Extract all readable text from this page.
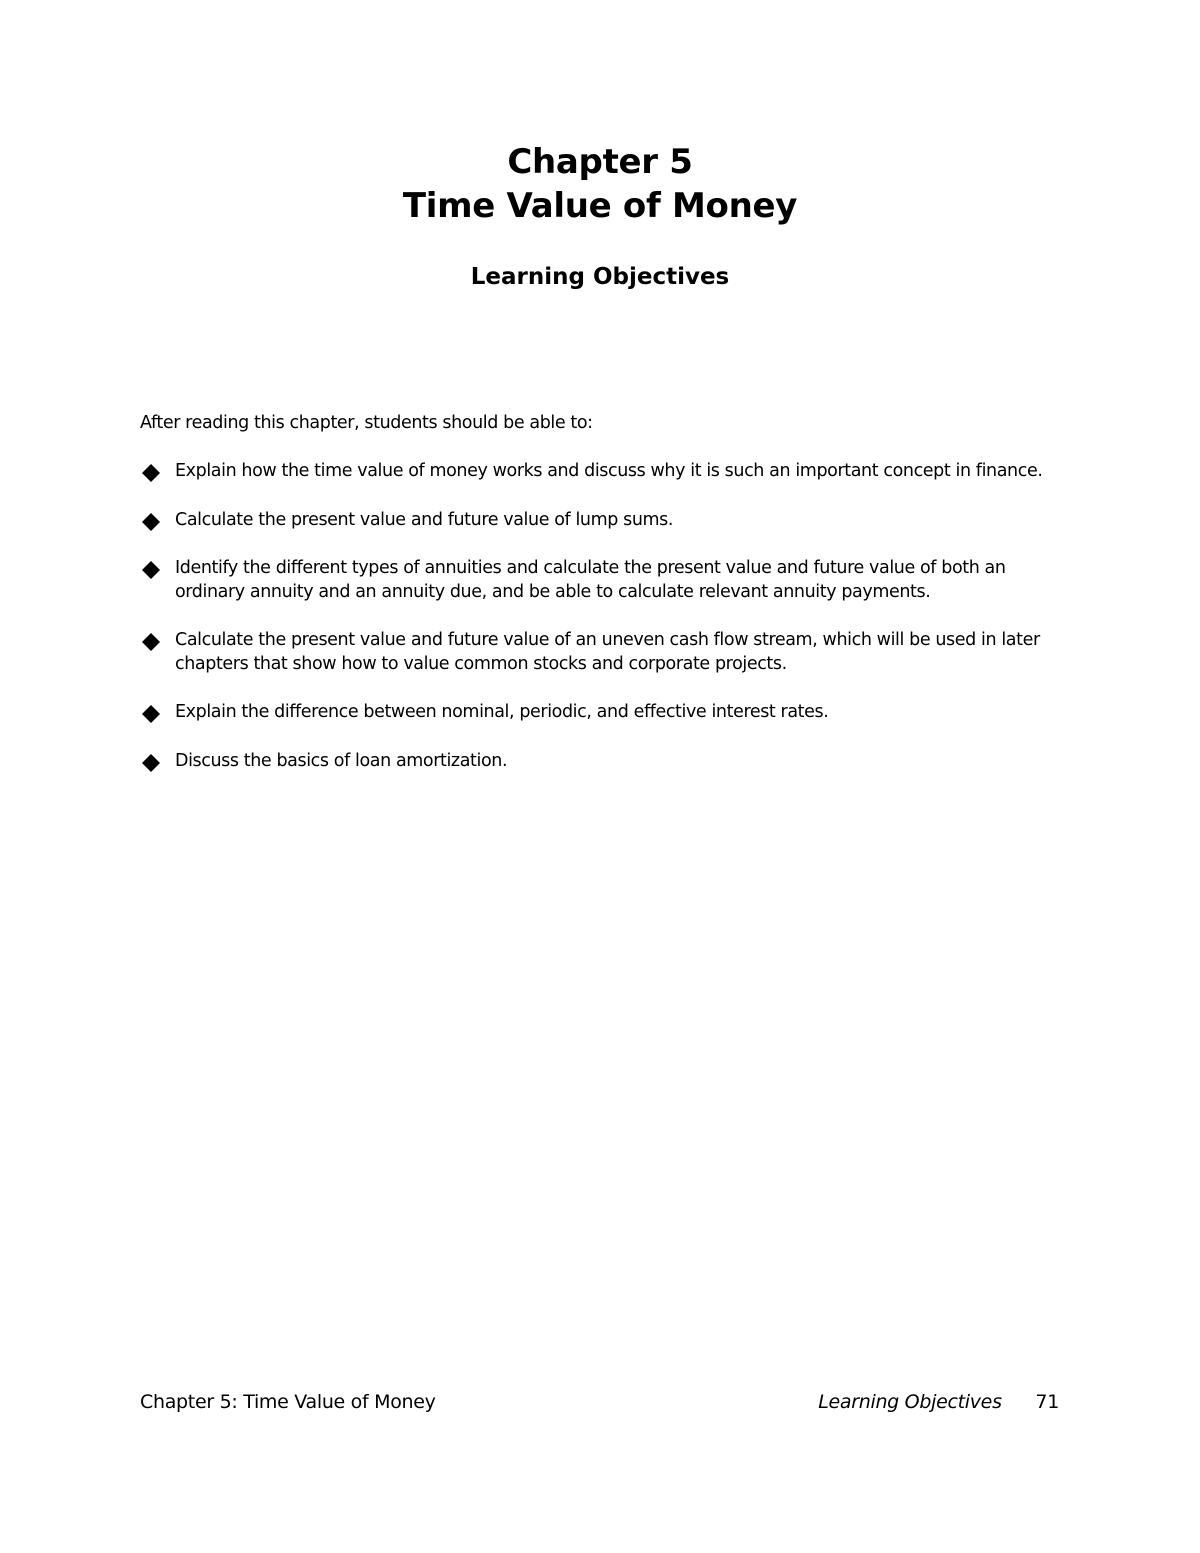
Chapter 5
Time Value of Money
Learning Objectives
After reading this chapter, students should be able to:
Explain how the time value of money works and discuss why it is such an important concept in finance.
Calculate the present value and future value of lump sums.
Identify the different types of annuities and calculate the present value and future value of both an ordinary annuity and an annuity due, and be able to calculate relevant annuity payments.
Calculate the present value and future value of an uneven cash flow stream, which will be used in later chapters that show how to value common stocks and corporate projects.
Explain the difference between nominal, periodic, and effective interest rates.
Discuss the basics of loan amortization.
Chapter 5: Time Value of Money	Learning Objectives 71
